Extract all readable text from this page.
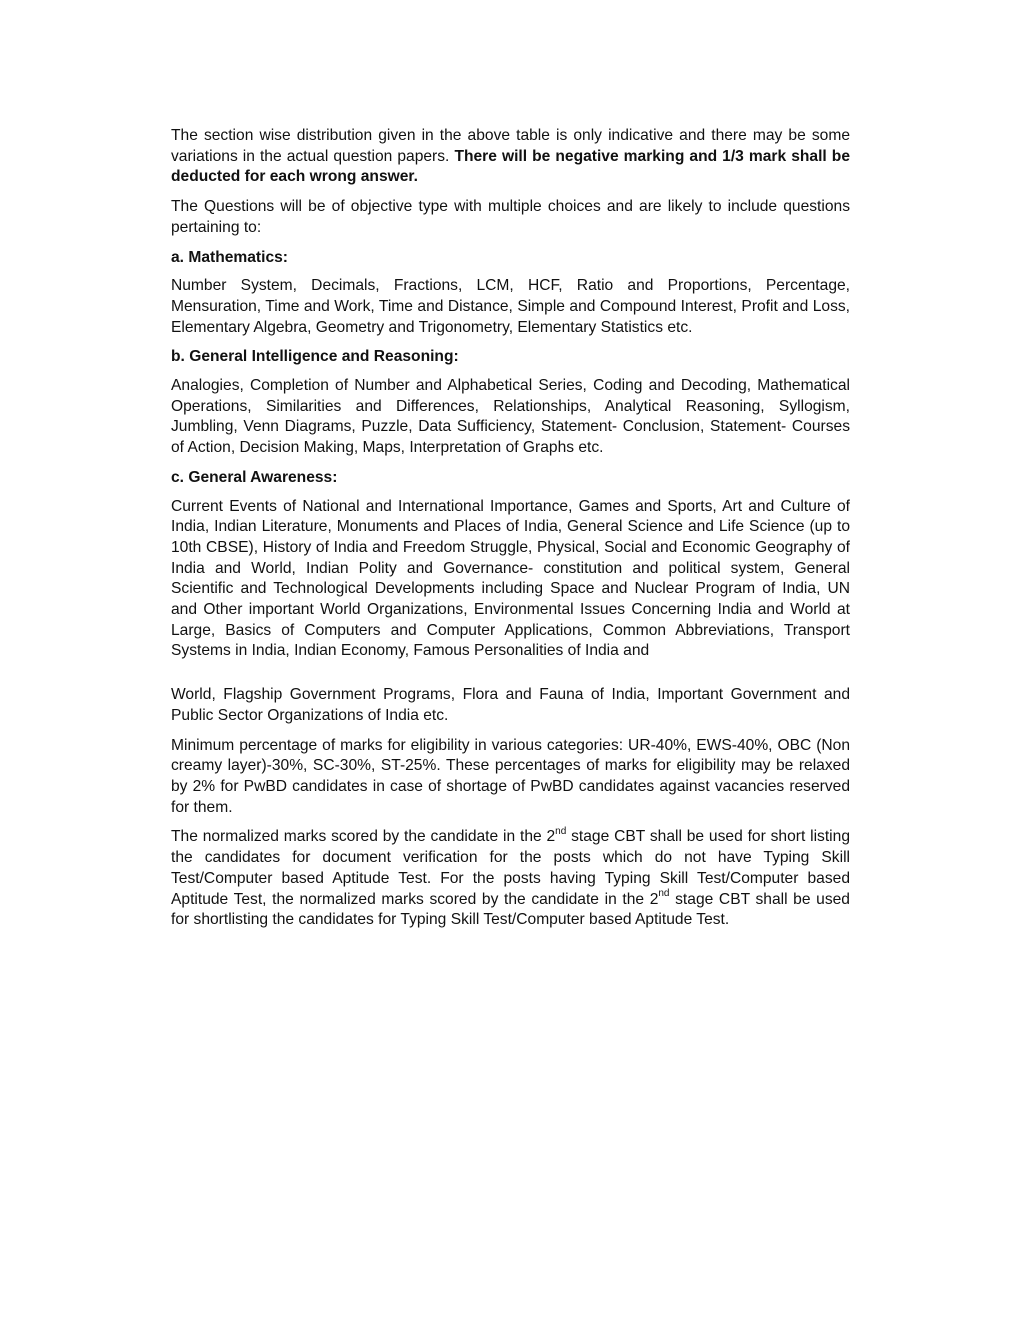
The section wise distribution given in the above table is only indicative and there may be some variations in the actual question papers. There will be negative marking and 1/3 mark shall be deducted for each wrong answer.

The Questions will be of objective type with multiple choices and are likely to include questions pertaining to:

a. Mathematics:

Number System, Decimals, Fractions, LCM, HCF, Ratio and Proportions, Percentage, Mensuration, Time and Work, Time and Distance, Simple and Compound Interest, Profit and Loss, Elementary Algebra, Geometry and Trigonometry, Elementary Statistics etc.

b. General Intelligence and Reasoning:

Analogies, Completion of Number and Alphabetical Series, Coding and Decoding, Mathematical Operations, Similarities and Differences, Relationships, Analytical Reasoning, Syllogism, Jumbling, Venn Diagrams, Puzzle, Data Sufficiency, Statement- Conclusion, Statement- Courses of Action, Decision Making, Maps, Interpretation of Graphs etc.

c. General Awareness:

Current Events of National and International Importance, Games and Sports, Art and Culture of India, Indian Literature, Monuments and Places of India, General Science and Life Science (up to 10th CBSE), History of India and Freedom Struggle, Physical, Social and Economic Geography of India and World, Indian Polity and Governance- constitution and political system, General Scientific and Technological Developments including Space and Nuclear Program of India, UN and Other important World Organizations, Environmental Issues Concerning India and World at Large, Basics of Computers and Computer Applications, Common Abbreviations, Transport Systems in India, Indian Economy, Famous Personalities of India and

World, Flagship Government Programs, Flora and Fauna of India, Important Government and Public Sector Organizations of India etc.

Minimum percentage of marks for eligibility in various categories: UR-40%, EWS-40%, OBC (Non creamy layer)-30%, SC-30%, ST-25%. These percentages of marks for eligibility may be relaxed by 2% for PwBD candidates in case of shortage of PwBD candidates against vacancies reserved for them.

The normalized marks scored by the candidate in the 2nd stage CBT shall be used for short listing the candidates for document verification for the posts which do not have Typing Skill Test/Computer based Aptitude Test. For the posts having Typing Skill Test/Computer based Aptitude Test, the normalized marks scored by the candidate in the 2nd stage CBT shall be used for shortlisting the candidates for Typing Skill Test/Computer based Aptitude Test.
